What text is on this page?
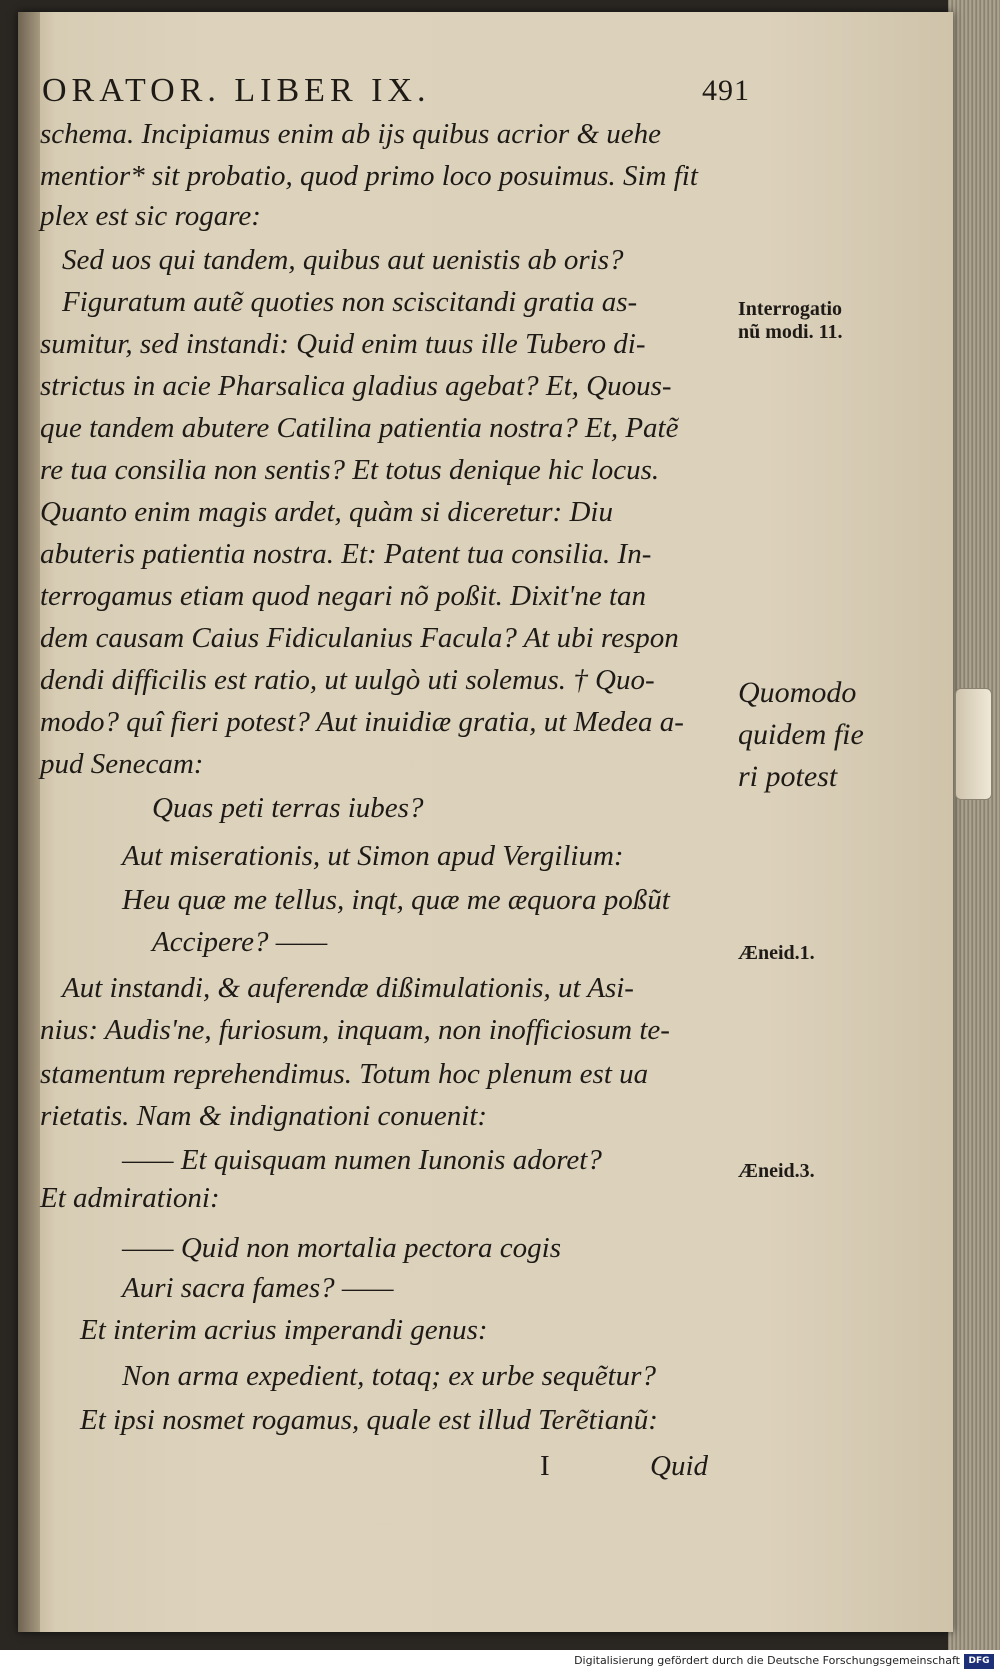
ORATOR. LIBER IX.	491
schema. Incipiamus enim ab ijs quibus acrior & uehe
mentior* sit probatio, quod primo loco posuimus. Sim fit
plex est sic rogare:
Sed uos qui tandem, quibus aut uenistis ab oris?
Figuratum autẽ quoties non sciscitandi gratia as-
sumitur, sed instandi: Quid enim tuus ille Tubero di-
strictus in acie Pharsalica gladius agebat? Et, Quous-
que tandem abutere Catilina patientia nostra? Et, Patẽ
re tua consilia non sentis? Et totus denique hic locus.
Quanto enim magis ardet, quàm si diceretur: Diu
abuteris patientia nostra. Et: Patent tua consilia. In-
terrogamus etiam quod negari nõ poßit. Dixit'ne tan
dem causam Caius Fidiculanius Facula? At ubi respon
dendi difficilis est ratio, ut uulgò uti solemus. † Quo-
modo? quî fieri potest? Aut inuidiæ gratia, ut Medea a-
pud Senecam:
Quas peti terras iubes?
Aut miserationis, ut Simon apud Vergilium:
Heu quæ me tellus, inqt, quæ me æquora poßũt
Accipere? ——
Aut instandi, & auferendæ dißimulationis, ut Asi-
nius: Audis'ne, furiosum, inquam, non inofficiosum te-
stamentum reprehendimus. Totum hoc plenum est ua
rietatis. Nam & indignationi conuenit:
—— Et quisquam numen Iunonis adoret?
Et admirationi:
—— Quid non mortalia pectora cogis
Auri sacra fames? ——
Et interim acrius imperandi genus:
Non arma expedient, totaq; ex urbe sequẽtur?
Et ipsi nosmet rogamus, quale est illud Terẽtianũ:
I	Quid
Interrogatio
nũ modi. 11.
Quomodo
quidem fie
ri potest
Æneid.1.
Æneid.3.
Digitalisierung gefördert durch die Deutsche Forschungsgemeinschaft DFG
